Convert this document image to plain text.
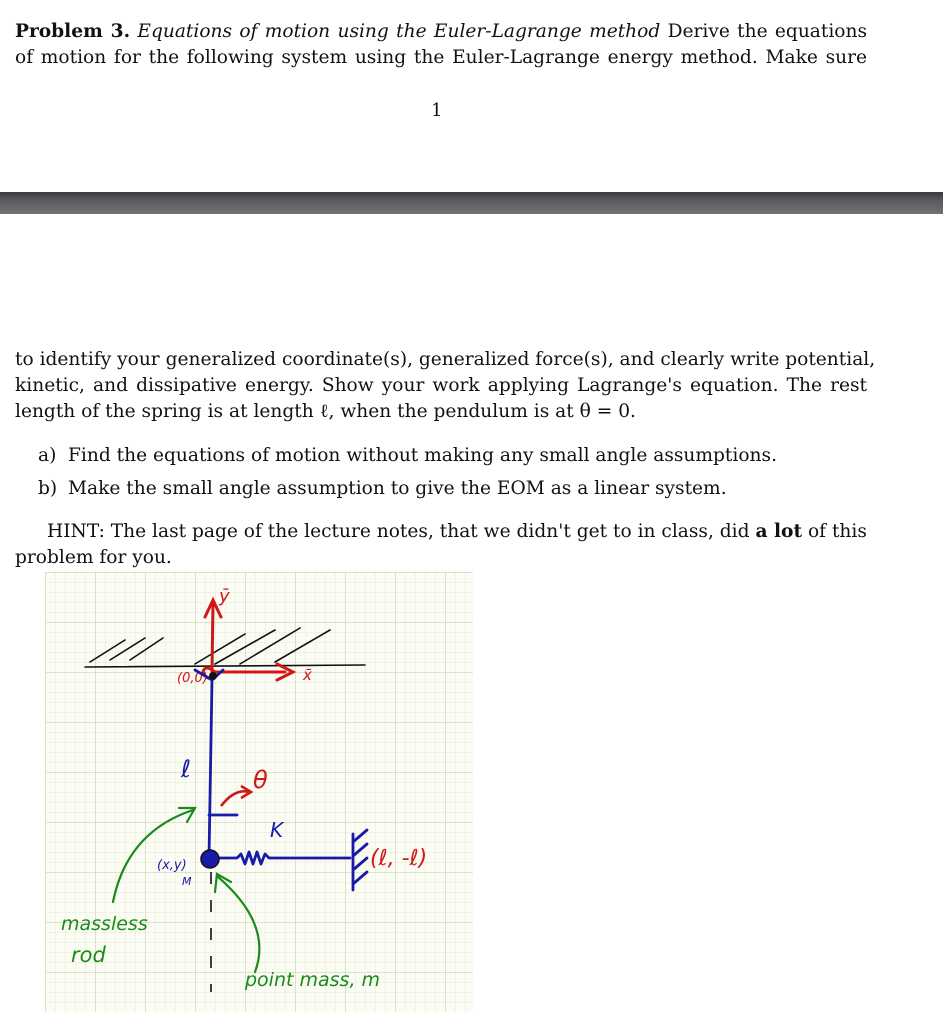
Problem 3. Equations of motion using the Euler-Lagrange method Derive the equations
of motion for the following system using the Euler-Lagrange energy method. Make sure
1
to identify your generalized coordinate(s), generalized force(s), and clearly write potential,
kinetic, and dissipative energy. Show your work applying Lagrange's equation. The rest
length of the spring is at length ℓ, when the pendulum is at θ = 0.
a) Find the equations of motion without making any small angle assumptions.
b) Make the small angle assumption to give the EOM as a linear system.
HINT: The last page of the lecture notes, that we didn't get to in class, did a lot of this
problem for you.
ȳ
x̄
(0,0)
ℓ
K
(ℓ, -ℓ)
(x,y)
M
θ
massless
rod
point mass, m
